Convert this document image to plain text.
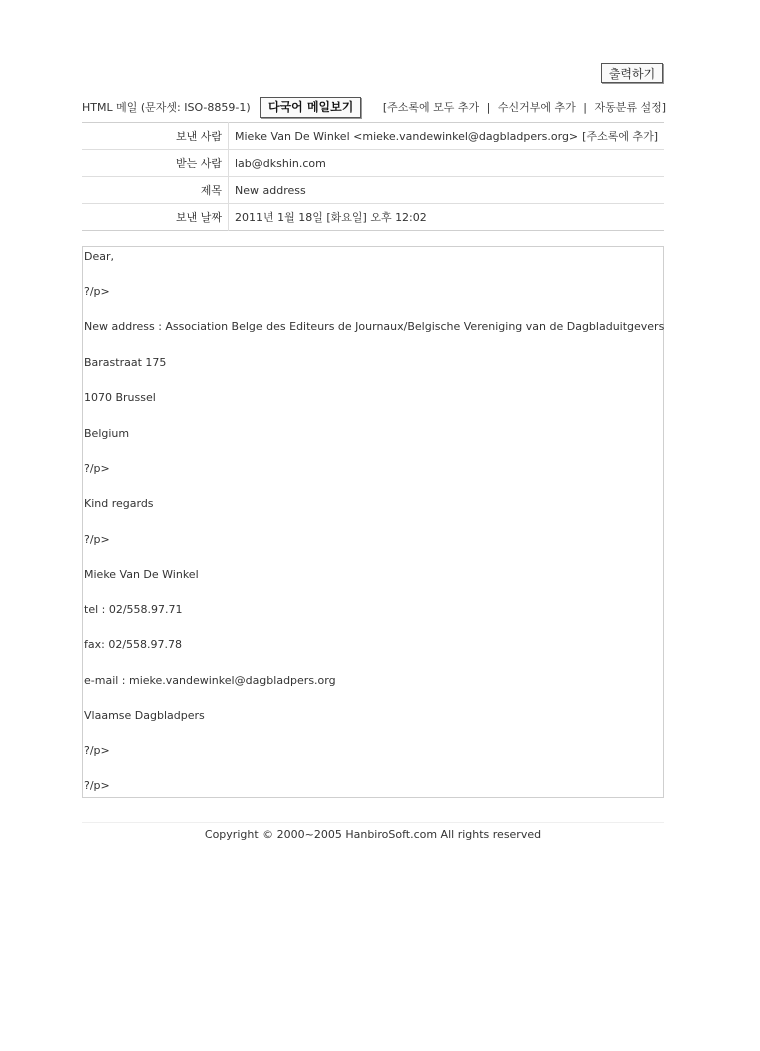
출력하기
HTML 메일 (문자셋: ISO-8859-1)	다국어 메일보기	[주소록에 모두 추가 | 수신거부에 추가 | 자동분류 설정]
보낸 사람	Mieke Van De Winkel <mieke.vandewinkel@dagbladpers.org> [주소록에 추가]

받는 사람	lab@dkshin.com
제목	New address
보낸 날짜	2011년 1월 18일 [화요일] 오후 12:02
Dear,
?/p>
New address : Association Belge des Editeurs de Journaux/Belgische Vereniging van de Dagbladuitgevers
Barastraat 175
1070 Brussel
Belgium
?/p>
Kind regards
?/p>
Mieke Van De Winkel
tel : 02/558.97.71
fax: 02/558.97.78
e-mail : mieke.vandewinkel@dagbladpers.org
Vlaamse Dagbladpers
?/p>
?/p>
Copyright © 2000~2005 HanbiroSoft.com All rights reserved
